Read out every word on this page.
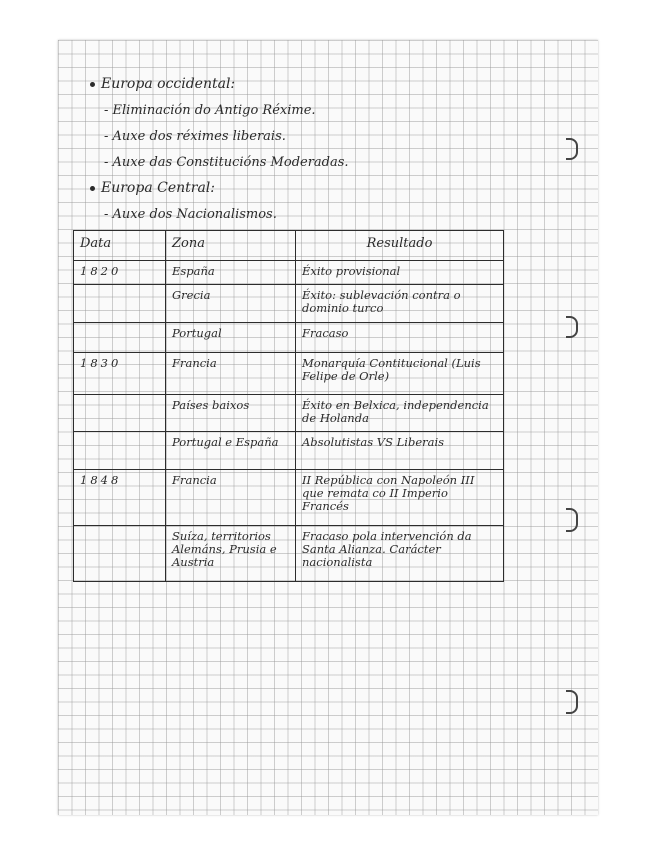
Europa occidental:
- Eliminación do Antigo Réxime.
- Auxe dos réximes liberais.
- Auxe das Constitucións Moderadas.
Europa Central:
- Auxe dos Nacionalismos.
Data	Zona	Resultado
1820	España	Éxito provisional
	Grecia	Éxito: sublevación contra o dominio turco
	Portugal	Fracaso
1830	Francia	Monarquía Contitucional (Luis Felipe de Orle)
	Países baixos	Éxito en Belxica, independencia de Holanda
	Portugal e España	Absolutistas VS Liberais
1848	Francia	II República con Napoleón III que remata co II Imperio Francés
	Suíza, territorios Alemáns, Prusia e Austria	Fracaso pola intervención da Santa Alianza. Carácter nacionalista
